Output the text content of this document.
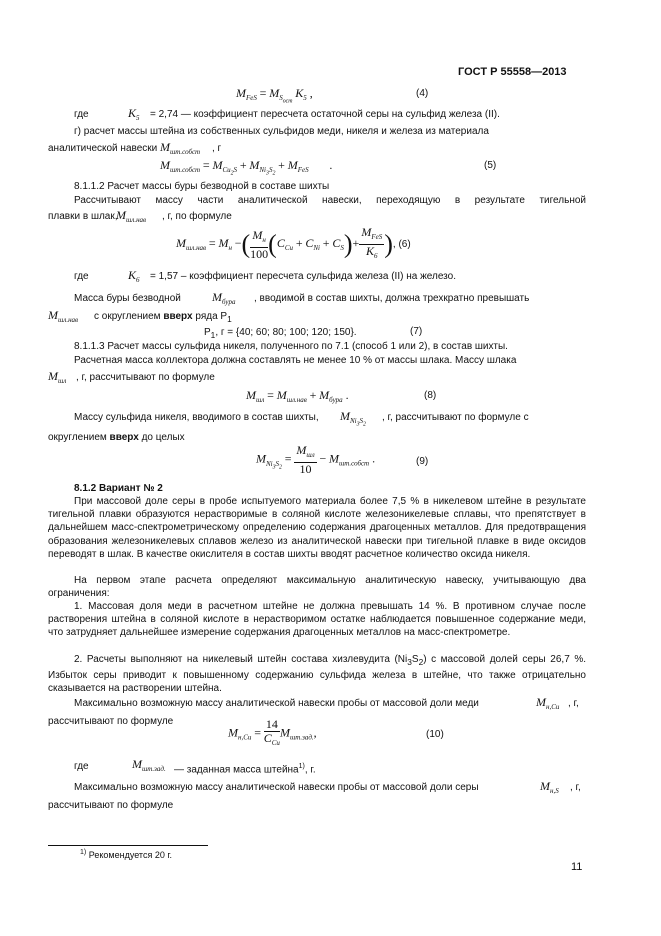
ГОСТ Р 55558—2013
$M_{FeS} = M_{S_{ост}}$ $K_5$ ,	(4)
где	$K_5 = 2,74$ — коэффициент пересчета остаточной серы на сульфид железа (II).
г) расчет массы штейна из собственных сульфидов меди, никеля и железа из материала
аналитической навески $M_{шт.собст}$ , г
$M_{шт.собст} = M_{Cu_2S} + M_{Ni_3S_2} + M_{FeS}$       .	(5)
8.1.1.2 Расчет массы буры безводной в составе шихты
Рассчитывают массу части аналитической навески, переходящую в результате тигельной
плавки в шлак,
$M_{шл.нав}$ , г, по формуле
$M_{шл.нав} = M_н$ −( $\frac{M_н}{100} (C_{Cu} + C_{Ni} + C_S)+ \frac{M_{FeS}}{K_6}$ ), (6)
где	$K_6 = 1,57$ – коэффициент пересчета сульфида железа (II) на железо.
Масса буры безводной	$M_{бура}$ , вводимой в состав шихты, должна трехкратно превышать
$M_{шл.нав}$ с округлением вверх ряда $Р_1$
$Р_1$, г = {40; 60; 80; 100; 120; 150}.	(7)
8.1.1.3 Расчет массы сульфида никеля, полученного по 7.1 (способ 1 или 2), в состав шихты.
Расчетная масса коллектора должна составлять не менее 10 % от массы шлака. Массу шлака
$M_{шл}$ , г, рассчитывают по формуле
$M_{шл} = M_{шл.нав} + M_{бура}$ .	(8)
Массу сульфида никеля, вводимого в состав шихты, $M_{Ni_3S_2}$
, г, рассчитывают по формуле с
округлением вверх до целых
$M_{Ni_3S_2} = \frac{M_{шл}}{10} - M_{шт.собст}$ .	(9)
8.1.2 Вариант № 2
При массовой доле серы в пробе испытуемого материала более 7,5 % в никелевом штейне в результате тигельной плавки образуются нерастворимые в соляной кислоте железоникелевые сплавы, что препятствует в дальнейшем масс-спектрометрическому определению содержания драгоценных металлов. Для предотвращения образования железоникелевых сплавов железо из аналитической навески при тигельной плавке в виде оксидов переводят в шлак. В качестве окислителя в состав шихты вводят расчетное количество оксида никеля.
На первом этапе расчета определяют максимальную аналитическую навеску, учитывающую два ограничения:
1. Массовая доля меди в расчетном штейне не должна превышать 14 %. В противном случае после растворения штейна в соляной кислоте в нерастворимом остатке наблюдается повышенное содержание меди, что затрудняет дальнейшее измерение содержания драгоценных металлов на масс-спектрометре.
2. Расчеты выполняют на никелевый штейн состава хизлевудита $(Ni_3S_2)$ с массовой долей серы 26,7 %. Избыток серы приводит к повышенному содержанию сульфида железа в штейне, что также отрицательно сказывается на растворении штейна.
Максимально возможную массу аналитической навески пробы от массовой доли меди	$M_{н,Cu}$ , г,
рассчитывают по формуле
$M_{н,Cu} = \frac{14}{C_{Cu}} M_{шт.зад.}$,	(10)
где	$M_{шт.зад.}$ — заданная масса штейна$^{1)}$, г.
Максимально возможную массу аналитической навески пробы от массовой доли серы	$M_{н,S}$ , г,
рассчитывают по формуле
$^{1)}$ Рекомендуется 20 г.
11
